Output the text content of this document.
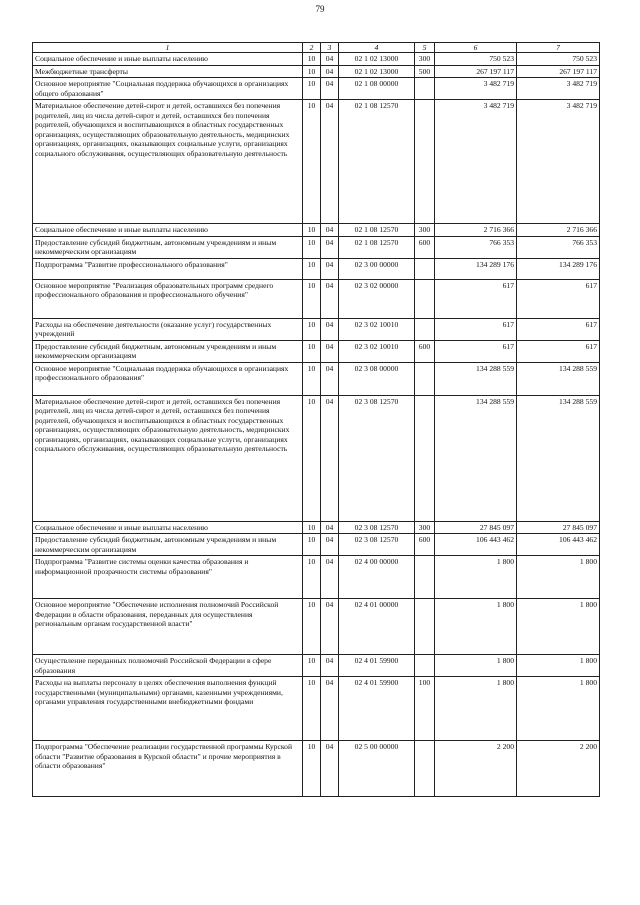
79
1	2	3	4	5	6	7
Социальное обеспечение и иные выплаты населению	10	04	02 1 02 13000	300	750 523	750 523
Межбюджетные трансферты	10	04	02 1 02 13000	500	267 197 117	267 197 117
Основное мероприятие "Социальная поддержка обучающихся в организациях общего образования"	10	04	02 1 08 00000		3 482 719	3 482 719
Материальное обеспечение детей-сирот и детей, оставшихся без попечения родителей, лиц из числа детей-сирот и детей, оставшихся без попечения родителей, обучающихся и воспитывающихся в областных государственных организациях, осуществляющих образовательную деятельность, медицинских организациях, организациях, оказывающих социальные услуги, организациях социального обслуживания, осуществляющих образовательную деятельность	10	04	02 1 08 12570		3 482 719	3 482 719
Социальное обеспечение и иные выплаты населению	10	04	02 1 08 12570	300	2 716 366	2 716 366
Предоставление субсидий бюджетным, автономным учреждениям и иным некоммерческим организациям	10	04	02 1 08 12570	600	766 353	766 353
Подпрограмма "Развитие профессионального образования"	10	04	02 3 00 00000		134 289 176	134 289 176
Основное мероприятие "Реализация образовательных программ среднего профессионального образования и профессионального обучения"	10	04	02 3 02 00000		617	617
Расходы на обеспечение деятельности (оказание услуг) государственных учреждений	10	04	02 3 02 10010		617	617
Предоставление субсидий бюджетным, автономным учреждениям и иным некоммерческим организациям	10	04	02 3 02 10010	600	617	617
Основное мероприятие "Социальная поддержка обучающихся в организациях профессионального образования"	10	04	02 3 08 00000		134 288 559	134 288 559
Материальное обеспечение детей-сирот и детей, оставшихся без попечения родителей, лиц из числа детей-сирот и детей, оставшихся без попечения родителей, обучающихся и воспитывающихся в областных государственных организациях, осуществляющих образовательную деятельность, медицинских организациях, организациях, оказывающих социальные услуги, организациях социального обслуживания, осуществляющих образовательную деятельность	10	04	02 3 08 12570		134 288 559	134 288 559
Социальное обеспечение и иные выплаты населению	10	04	02 3 08 12570	300	27 845 097	27 845 097
Предоставление субсидий бюджетным, автономным учреждениям и иным некоммерческим организациям	10	04	02 3 08 12570	600	106 443 462	106 443 462
Подпрограмма "Развитие системы оценки качества образования и информационной прозрачности системы образования"	10	04	02 4 00 00000		1 800	1 800
Основное мероприятие "Обеспечение исполнения полномочий Российской Федерации в области образования, переданных для осуществления региональным органам государственной власти"	10	04	02 4 01 00000		1 800	1 800
Осуществление переданных полномочий Российской Федерации в сфере образования	10	04	02 4 01 59900		1 800	1 800
Расходы на выплаты персоналу в целях обеспечения выполнения функций государственными (муниципальными) органами, казенными учреждениями, органами управления государственными внебюджетными фондами	10	04	02 4 01 59900	100	1 800	1 800
Подпрограмма "Обеспечение реализации государственной программы Курской области "Развитие образования в Курской области" и прочие мероприятия в области образования"	10	04	02 5 00 00000		2 200	2 200
